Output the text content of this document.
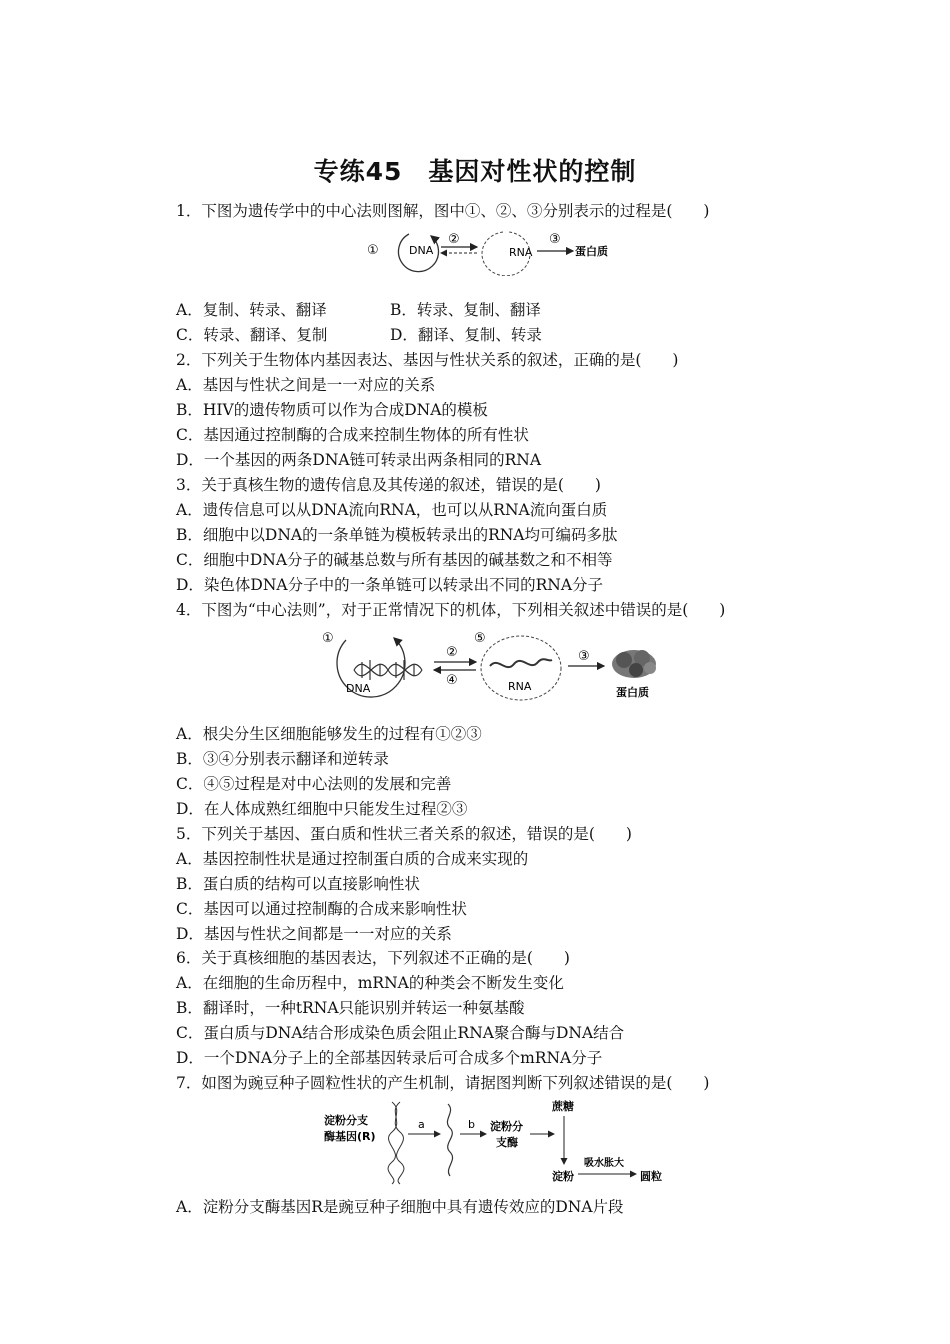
专练45　基因对性状的控制
1．下图为遗传学中的中心法则图解，图中①、②、③分别表示的过程是(　　)
①	DNA
②
RNA
③
蛋白质
A．复制、转录、翻译	B．转录、复制、翻译
C．转录、翻译、复制	D．翻译、复制、转录
2．下列关于生物体内基因表达、基因与性状关系的叙述，正确的是(　　)
A．基因与性状之间是一一对应的关系
B．HIV的遗传物质可以作为合成DNA的模板
C．基因通过控制酶的合成来控制生物体的所有性状
D．一个基因的两条DNA链可转录出两条相同的RNA
3．关于真核生物的遗传信息及其传递的叙述，错误的是(　　)
A．遗传信息可以从DNA流向RNA，也可以从RNA流向蛋白质
B．细胞中以DNA的一条单链为模板转录出的RNA均可编码多肽
C．细胞中DNA分子的碱基总数与所有基因的碱基数之和不相等
D．染色体DNA分子中的一条单链可以转录出不同的RNA分子
4．下图为“中心法则”，对于正常情况下的机体，下列相关叙述中错误的是(　　)
①
DNA
②
④
⑤
RNA
③
蛋白质
A．根尖分生区细胞能够发生的过程有①②③
B．③④分别表示翻译和逆转录
C．④⑤过程是对中心法则的发展和完善
D．在人体成熟红细胞中只能发生过程②③
5．下列关于基因、蛋白质和性状三者关系的叙述，错误的是(　　)
A．基因控制性状是通过控制蛋白质的合成来实现的
B．蛋白质的结构可以直接影响性状
C．基因可以通过控制酶的合成来影响性状
D．基因与性状之间都是一一对应的关系
6．关于真核细胞的基因表达，下列叙述不正确的是(　　)
A．在细胞的生命历程中，mRNA的种类会不断发生变化
B．翻译时，一种tRNA只能识别并转运一种氨基酸
C．蛋白质与DNA结合形成染色质会阻止RNA聚合酶与DNA结合
D．一个DNA分子上的全部基因转录后可合成多个mRNA分子
7．如图为豌豆种子圆粒性状的产生机制，请据图判断下列叙述错误的是(　　)
淀粉分支
酶基因(R)
a	b 淀粉分
支酶
蔗糖
淀粉
吸水胀大
圆粒
A．淀粉分支酶基因R是豌豆种子细胞中具有遗传效应的DNA片段
